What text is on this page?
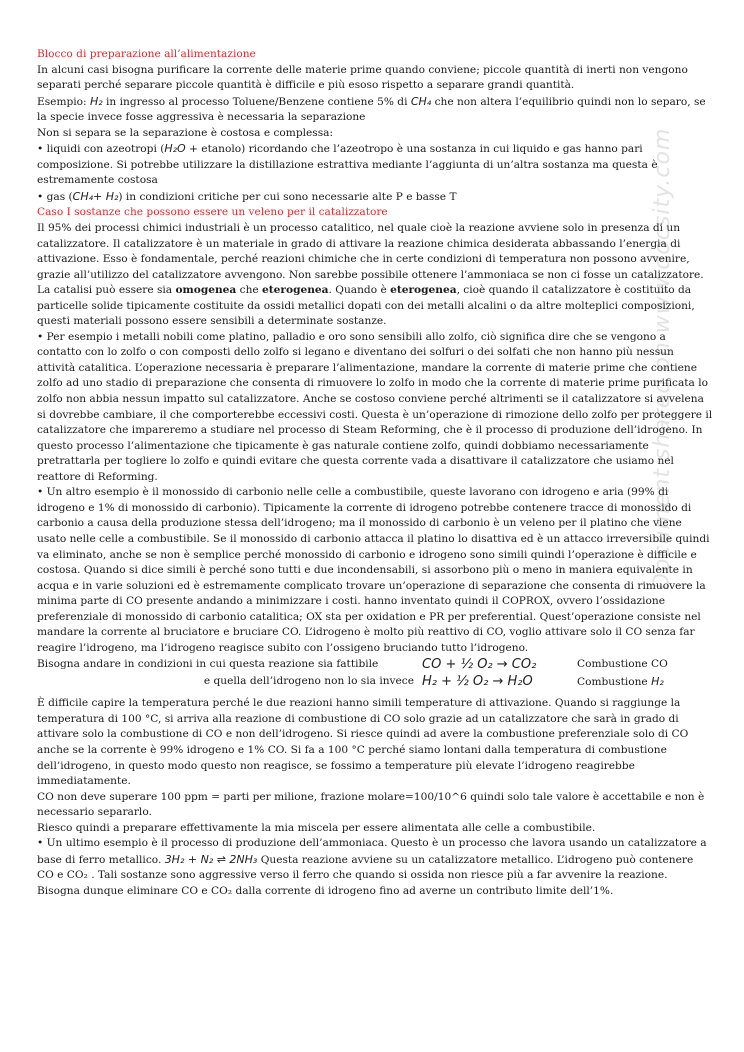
Document shared on www.docsity.com

Blocco di preparazione all’alimentazione

In alcuni casi bisogna purificare la corrente delle materie prime quando conviene; piccole quantità di inerti non vengono separati perché separare piccole quantità è difficile e più esoso rispetto a separare grandi quantità.

Esempio: H₂ in ingresso al processo Toluene/Benzene contiene 5% di CH₄ che non altera l’equilibrio quindi non lo separo, se la specie invece fosse aggressiva è necessaria la separazione

Non si separa se la separazione è costosa e complessa:

• liquidi con azeotropi (H₂O + etanolo) ricordando che l’azeotropo è una sostanza in cui liquido e gas hanno pari composizione. Si potrebbe utilizzare la distillazione estrattiva mediante l’aggiunta di un’altra sostanza ma questa è estremamente costosa

• gas (CH₄+ H₂) in condizioni critiche per cui sono necessarie alte P e basse T

Caso I sostanze che possono essere un veleno per il catalizzatore

Il 95% dei processi chimici industriali è un processo catalitico, nel quale cioè la reazione avviene solo in presenza di un catalizzatore. Il catalizzatore è un materiale in grado di attivare la reazione chimica desiderata abbassando l’energia di attivazione. Esso è fondamentale, perché reazioni chimiche che in certe condizioni di temperatura non possono avvenire, grazie all’utilizzo del catalizzatore avvengono. Non sarebbe possibile ottenere l’ammoniaca se non ci fosse un catalizzatore.

La catalisi può essere sia omogenea che eterogenea. Quando è eterogenea, cioè quando il catalizzatore è costituito da particelle solide tipicamente costituite da ossidi metallici dopati con dei metalli alcalini o da altre molteplici composizioni, questi materiali possono essere sensibili a determinate sostanze.

• Per esempio i metalli nobili come platino, palladio e oro sono sensibili allo zolfo, ciò significa dire che se vengono a contatto con lo zolfo o con composti dello zolfo si legano e diventano dei solfuri o dei solfati che non hanno più nessun attività catalitica. L’operazione necessaria è preparare l’alimentazione, mandare la corrente di materie prime che contiene zolfo ad uno stadio di preparazione che consenta di rimuovere lo zolfo in modo che la corrente di materie prime purificata lo zolfo non abbia nessun impatto sul catalizzatore. Anche se costoso conviene perché altrimenti se il catalizzatore si avvelena si dovrebbe cambiare, il che comporterebbe eccessivi costi. Questa è un’operazione di rimozione dello zolfo per proteggere il catalizzatore che impareremo a studiare nel processo di Steam Reforming, che è il processo di produzione dell’idrogeno. In questo processo l’alimentazione che tipicamente è gas naturale contiene zolfo, quindi dobbiamo necessariamente pretrattarla per togliere lo zolfo e quindi evitare che questa corrente vada a disattivare il catalizzatore che usiamo nel reattore di Reforming.

• Un altro esempio è il monossido di carbonio nelle celle a combustibile, queste lavorano con idrogeno e aria (99% di idrogeno e 1% di monossido di carbonio). Tipicamente la corrente di idrogeno potrebbe contenere tracce di monossido di carbonio a causa della produzione stessa dell’idrogeno; ma il monossido di carbonio è un veleno per il platino che viene usato nelle celle a combustibile. Se il monossido di carbonio attacca il platino lo disattiva ed è un attacco irreversibile quindi va eliminato, anche se non è semplice perché monossido di carbonio e idrogeno sono simili quindi l’operazione è difficile e costosa. Quando si dice simili è perché sono tutti e due incondensabili, si assorbono più o meno in maniera equivalente in acqua e in varie soluzioni ed è estremamente complicato trovare un’operazione di separazione che consenta di rimuovere la minima parte di CO presente andando a minimizzare i costi. hanno inventato quindi il COPROX, ovvero l’ossidazione preferenziale di monossido di carbonio catalitica; OX sta per oxidation e PR per preferential. Quest’operazione consiste nel mandare la corrente al bruciatore e bruciare CO. L’idrogeno è molto più reattivo di CO, voglio attivare solo il CO senza far reagire l’idrogeno, ma l’idrogeno reagisce subito con l’ossigeno bruciando tutto l’idrogeno.

Bisogna andare in condizioni in cui questa reazione sia fattibile	CO + ½ O₂ → CO₂	Combustione CO
e quella dell’idrogeno non lo sia invece H₂ + ½ O₂ → H₂O	Combustione H₂

È difficile capire la temperatura perché le due reazioni hanno simili temperature di attivazione. Quando si raggiunge la temperatura di 100 °C, si arriva alla reazione di combustione di CO solo grazie ad un catalizzatore che sarà in grado di attivare solo la combustione di CO e non dell’idrogeno. Si riesce quindi ad avere la combustione preferenziale solo di CO anche se la corrente è 99% idrogeno e 1% CO. Si fa a 100 °C perché siamo lontani dalla temperatura di combustione dell’idrogeno, in questo modo questo non reagisce, se fossimo a temperature più elevate l’idrogeno reagirebbe immediatamente.

CO non deve superare 100 ppm = parti per milione, frazione molare=100/10^6 quindi solo tale valore è accettabile e non è necessario separarlo.

Riesco quindi a preparare effettivamente la mia miscela per essere alimentata alle celle a combustibile.

• Un ultimo esempio è il processo di produzione dell’ammoniaca. Questo è un processo che lavora usando un catalizzatore a base di ferro metallico. 3H₂ + N₂ ⇌ 2NH₃ Questa reazione avviene su un catalizzatore metallico. L’idrogeno può contenere CO e CO₂ . Tali sostanze sono aggressive verso il ferro che quando si ossida non riesce più a far avvenire la reazione. Bisogna dunque eliminare CO e CO₂ dalla corrente di idrogeno fino ad averne un contributo limite dell’1%.
